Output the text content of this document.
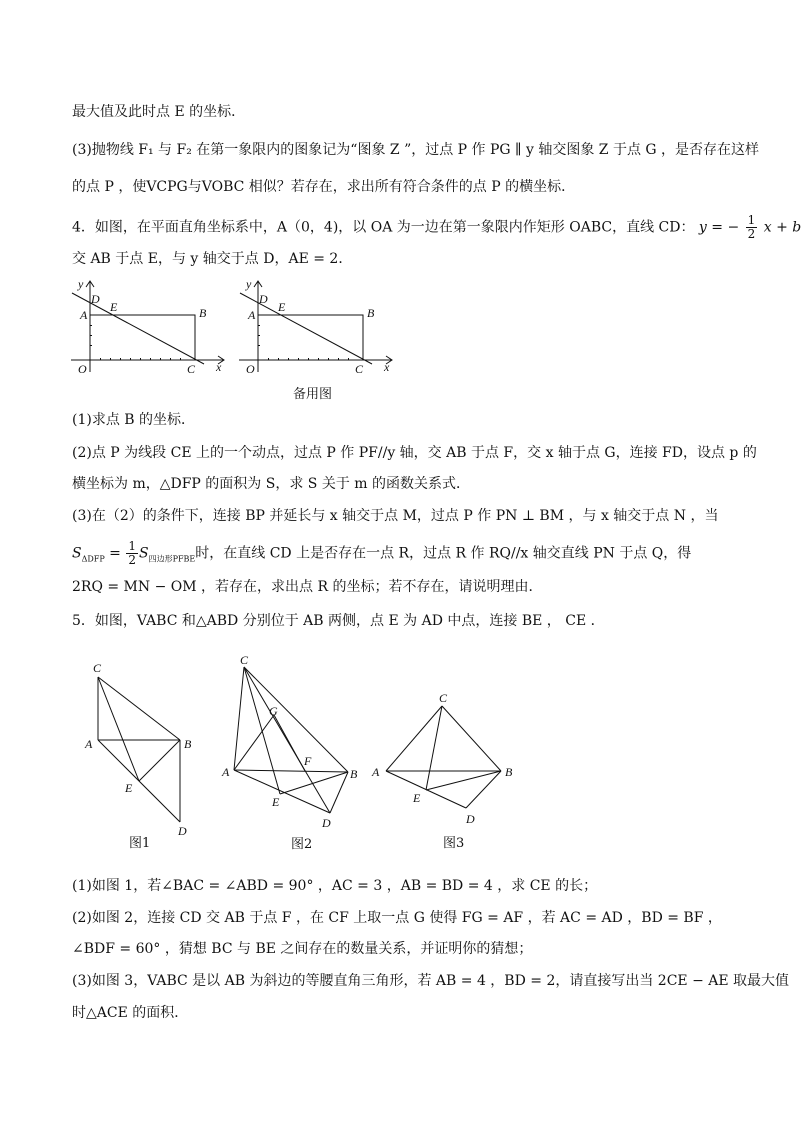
最大值及此时点 E 的坐标．
(3)抛物线 F₁ 与 F₂ 在第一象限内的图象记为“图象 Z ”，过点 P 作 PG ∥ y 轴交图象 Z 于点 G ，是否存在这样
的点 P ，使VCPG与VOBC 相似？若存在，求出所有符合条件的点 P 的横坐标．
4．如图，在平面直角坐标系中，A（0，4)，以 OA 为一边在第一象限内作矩形 OABC，直线 CD： y = − $\frac{1}{2}$ x + b
交 AB 于点 E，与 y 轴交于点 D，AE = 2．
(1)求点 B 的坐标．
(2)点 P 为线段 CE 上的一个动点，过点 P 作 PF//y 轴，交 AB 于点 F，交 x 轴于点 G，连接 FD，设点 p 的
横坐标为 m，△DFP 的面积为 S，求 S 关于 m 的函数关系式．
(3)在（2）的条件下，连接 BP 并延长与 x 轴交于点 M，过点 P 作 PN ⊥ BM ，与 x 轴交于点 N ，当
$S_{\Delta DFP} = \frac{1}{2} S_{四边形PFBE}$时，在直线 CD 上是否存在一点 R，过点 R 作 RQ//x 轴交直线 PN 于点 Q，得
2RQ = MN − OM ，若存在，求出点 R 的坐标；若不存在，请说明理由．
5．如图，VABC 和△ABD 分别位于 AB 两侧，点 E 为 AD 中点，连接 BE ， CE ．
(1)如图 1，若∠BAC = ∠ABD = 90° ，AC = 3 ，AB = BD = 4 ，求 CE 的长；
(2)如图 2，连接 CD 交 AB 于点 F ，在 CF 上取一点 G 使得 FG = AF ，若 AC = AD ，BD = BF ，
∠BDF = 60° ，猜想 BC 与 BE 之间存在的数量关系，并证明你的猜想；
(3)如图 3，VABC 是以 AB 为斜边的等腰直角三角形，若 AB = 4 ，BD = 2，请直接写出当 2CE − AE 取最大值
时△ACE 的面积．
y
D
A
E	B
O	C x
y
D
A
E	B
O	C x
备用图
C
A	B
E
D
图1
C
G
A
F
B
E
D
图2
C
A	B
E
D
图3
